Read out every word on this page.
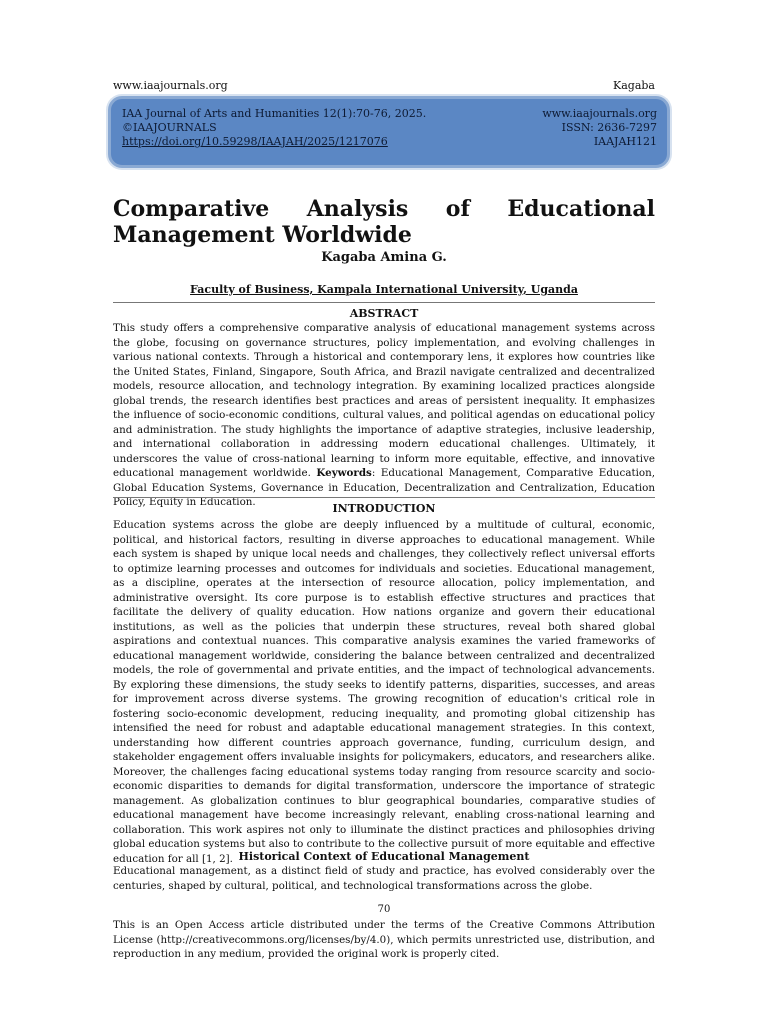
www.iaajournals.org	Kagaba
IAA Journal of Arts and Humanities 12(1):70-76, 2025.
©IAAJOURNALS
https://doi.org/10.59298/IAAJAH/2025/1217076
www.iaajournals.org
ISSN: 2636-7297
IAAJAH121
Comparative Analysis of Educational Management Worldwide
Kagaba Amina G.
Faculty of Business, Kampala International University, Uganda
ABSTRACT

This study offers a comprehensive comparative analysis of educational management systems across the globe, focusing on governance structures, policy implementation, and evolving challenges in various national contexts. Through a historical and contemporary lens, it explores how countries like the United States, Finland, Singapore, South Africa, and Brazil navigate centralized and decentralized models, resource allocation, and technology integration. By examining localized practices alongside global trends, the research identifies best practices and areas of persistent inequality. It emphasizes the influence of socio-economic conditions, cultural values, and political agendas on educational policy and administration. The study highlights the importance of adaptive strategies, inclusive leadership, and international collaboration in addressing modern educational challenges. Ultimately, it underscores the value of cross-national learning to inform more equitable, effective, and innovative educational management worldwide. Keywords: Educational Management, Comparative Education, Global Education Systems, Governance in Education, Decentralization and Centralization, Education Policy, Equity in Education.	INTRODUCTION

Education systems across the globe are deeply influenced by a multitude of cultural, economic, political, and historical factors, resulting in diverse approaches to educational management. While each system is shaped by unique local needs and challenges, they collectively reflect universal efforts to optimize learning processes and outcomes for individuals and societies. Educational management, as a discipline, operates at the intersection of resource allocation, policy implementation, and administrative oversight. Its core purpose is to establish effective structures and practices that facilitate the delivery of quality education. How nations organize and govern their educational institutions, as well as the policies that underpin these structures, reveal both shared global aspirations and contextual nuances. This comparative analysis examines the varied frameworks of educational management worldwide, considering the balance between centralized and decentralized models, the role of governmental and private entities, and the impact of technological advancements. By exploring these dimensions, the study seeks to identify patterns, disparities, successes, and areas for improvement across diverse systems. The growing recognition of education's critical role in fostering socio-economic development, reducing inequality, and promoting global citizenship has intensified the need for robust and adaptable educational management strategies. In this context, understanding how different countries approach governance, funding, curriculum design, and stakeholder engagement offers invaluable insights for policymakers, educators, and researchers alike. Moreover, the challenges facing educational systems today ranging from resource scarcity and socio-economic disparities to demands for digital transformation, underscore the importance of strategic management. As globalization continues to blur geographical boundaries, comparative studies of educational management have become increasingly relevant, enabling cross-national learning and collaboration. This work aspires not only to illuminate the distinct practices and philosophies driving global education systems but also to contribute to the collective pursuit of more equitable and effective education for all [1, 2]. Historical Context of Educational Management

Educational management, as a distinct field of study and practice, has evolved considerably over the centuries, shaped by cultural, political, and technological transformations across the globe.

70

This is an Open Access article distributed under the terms of the Creative Commons Attribution License (http://creativecommons.org/licenses/by/4.0), which permits unrestricted use, distribution, and reproduction in any medium, provided the original work is properly cited.
